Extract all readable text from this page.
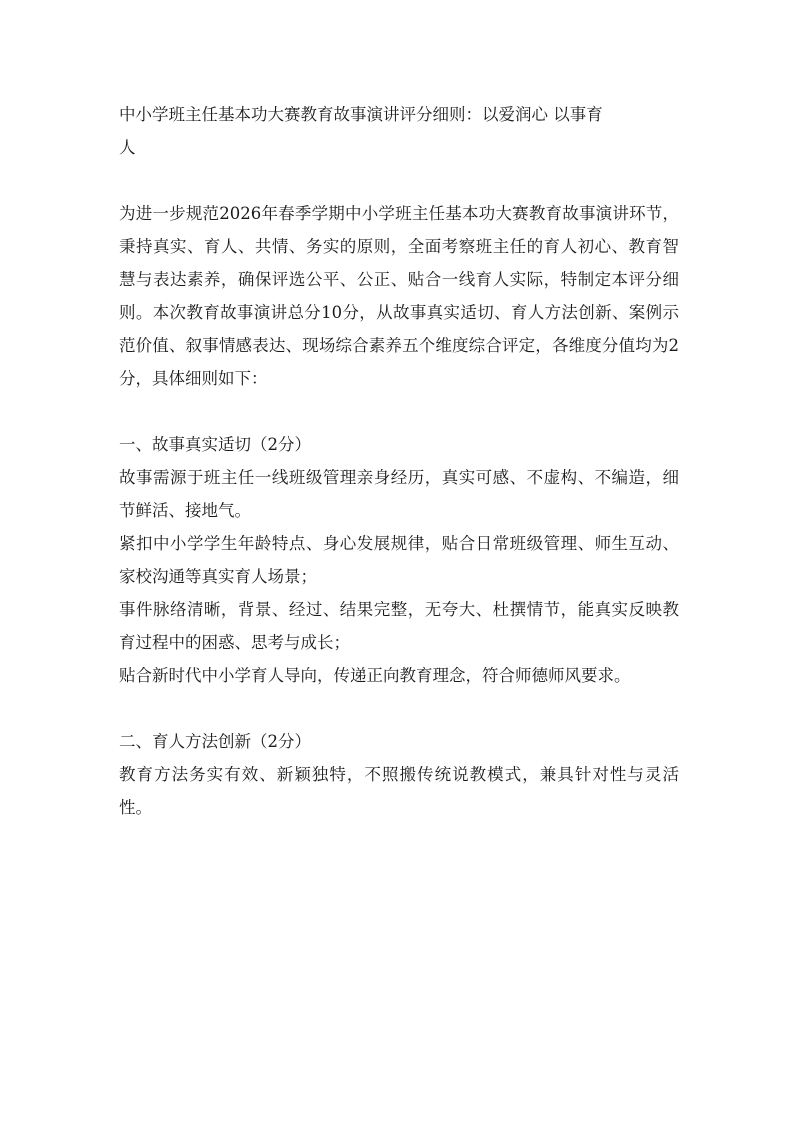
中小学班主任基本功大赛教育故事演讲评分细则：以爱润心 以事育

人

为进一步规范2026年春季学期中小学班主任基本功大赛教育故事演讲环节，秉持真实、育人、共情、务实的原则，全面考察班主任的育人初心、教育智慧与表达素养，确保评选公平、公正、贴合一线育人实际，特制定本评分细则。本次教育故事演讲总分10分，从故事真实适切、育人方法创新、案例示范价值、叙事情感表达、现场综合素养五个维度综合评定，各维度分值均为2分，具体细则如下：

一、故事真实适切（2分）

故事需源于班主任一线班级管理亲身经历，真实可感、不虚构、不编造，细节鲜活、接地气。

紧扣中小学学生年龄特点、身心发展规律，贴合日常班级管理、师生互动、家校沟通等真实育人场景；

事件脉络清晰，背景、经过、结果完整，无夸大、杜撰情节，能真实反映教育过程中的困惑、思考与成长；

贴合新时代中小学育人导向，传递正向教育理念，符合师德师风要求。

二、育人方法创新（2分）

教育方法务实有效、新颖独特，不照搬传统说教模式，兼具针对性与灵活性。
